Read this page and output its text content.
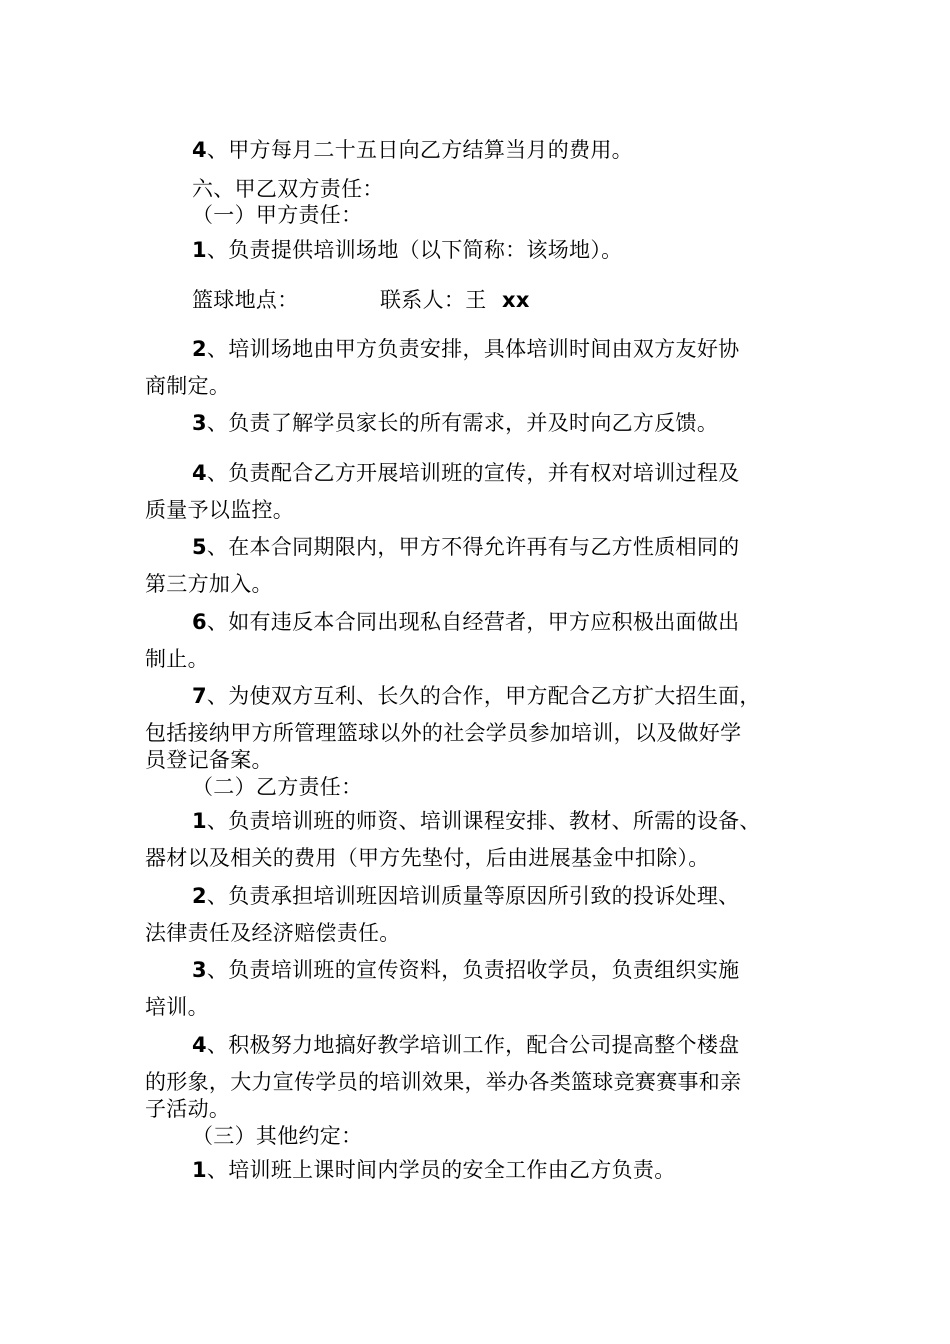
4、甲方每月二十五日向乙方结算当月的费用。
六、甲乙双方责任：
（一）甲方责任：
1、负责提供培训场地（以下简称：该场地）。
篮球地点：	联系人：王 xx
2、培训场地由甲方负责安排，具体培训时间由双方友好协
商制定。
3、负责了解学员家长的所有需求，并及时向乙方反馈。
4、负责配合乙方开展培训班的宣传，并有权对培训过程及
质量予以监控。
5、在本合同期限内，甲方不得允许再有与乙方性质相同的
第三方加入。
6、如有违反本合同出现私自经营者，甲方应积极出面做出
制止。
7、为使双方互利、长久的合作，甲方配合乙方扩大招生面，
包括接纳甲方所管理篮球以外的社会学员参加培训，以及做好学
员登记备案。
（二）乙方责任：
1、负责培训班的师资、培训课程安排、教材、所需的设备、
器材以及相关的费用（甲方先垫付，后由进展基金中扣除）。
2、负责承担培训班因培训质量等原因所引致的投诉处理、
法律责任及经济赔偿责任。
3、负责培训班的宣传资料，负责招收学员，负责组织实施
培训。
4、积极努力地搞好教学培训工作，配合公司提高整个楼盘
的形象，大力宣传学员的培训效果，举办各类篮球竞赛赛事和亲
子活动。
（三）其他约定：
1、培训班上课时间内学员的安全工作由乙方负责。
